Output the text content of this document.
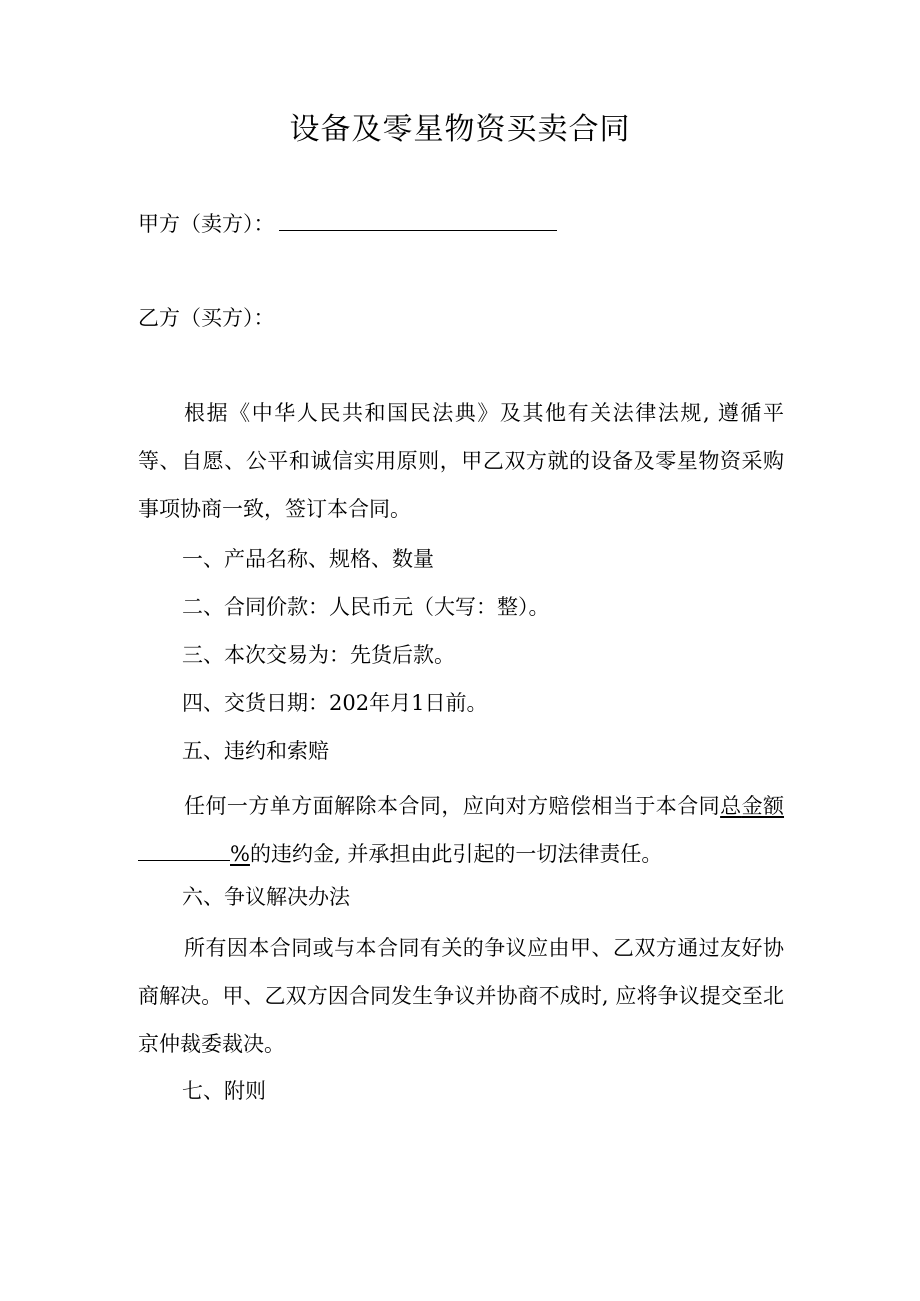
设备及零星物资买卖合同
甲方（卖方）：
乙方（买方）：
根据《中华人民共和国民法典》及其他有关法律法规, 遵循平等、自愿、公平和诚信实用原则，甲乙双方就的设备及零星物资采购事项协商一致，签订本合同。
一、产品名称、规格、数量
二、合同价款：人民币元（大写：整）。
三、本次交易为：先货后款。
四、交货日期：202年月1日前。
五、违约和索赔
任何一方单方面解除本合同，应向对方赔偿相当于本合同总金额%的违约金, 并承担由此引起的一切法律责任。
六、争议解决办法
所有因本合同或与本合同有关的争议应由甲、乙双方通过友好协商解决。甲、乙双方因合同发生争议并协商不成时, 应将争议提交至北京仲裁委裁决。
七、附则
